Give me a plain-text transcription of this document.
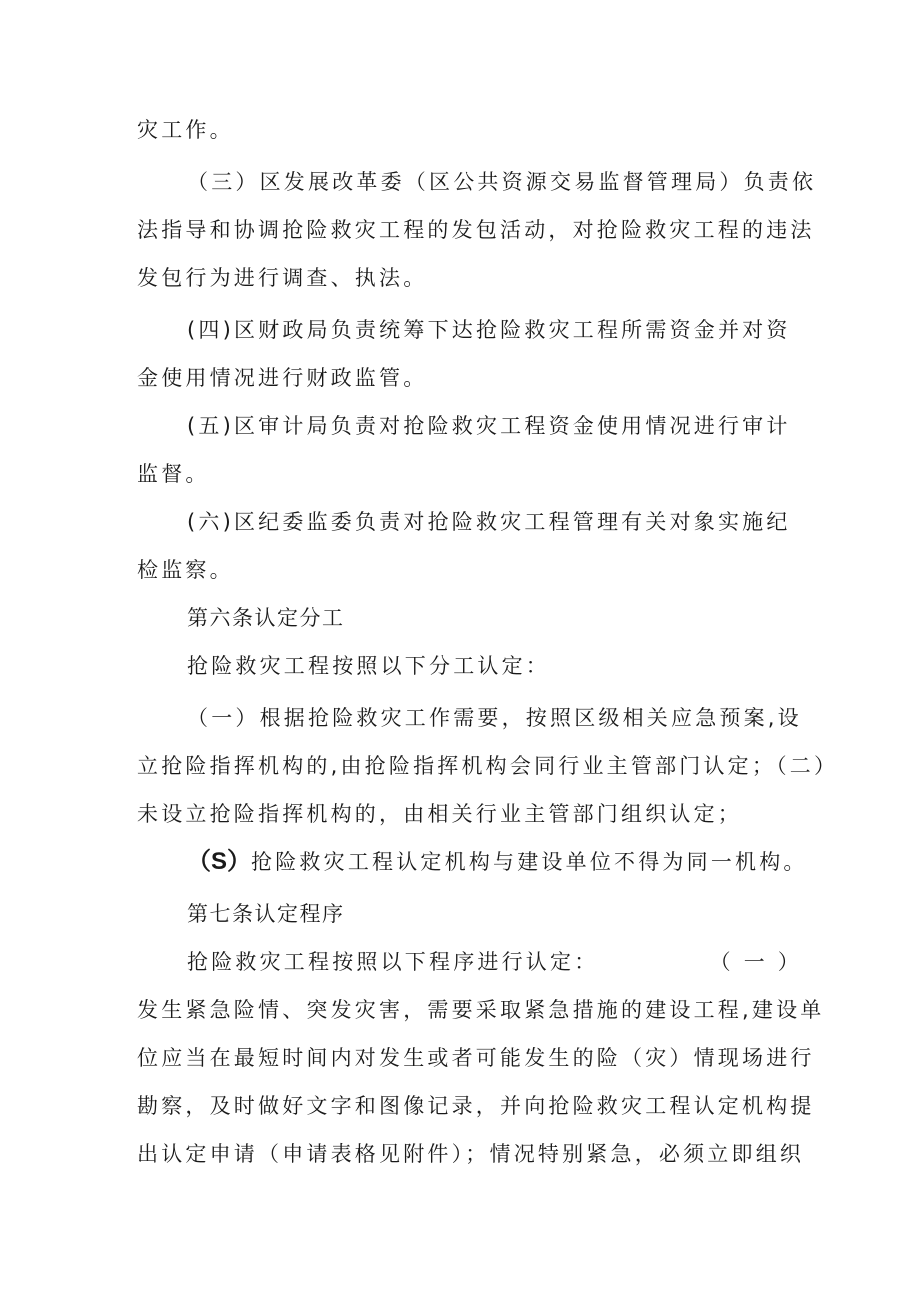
灾工作。
（三）区发展改革委（区公共资源交易监督管理局）负责依
法指导和协调抢险救灾工程的发包活动，对抢险救灾工程的违法
发包行为进行调查、执法。
(四)区财政局负责统筹下达抢险救灾工程所需资金并对资
金使用情况进行财政监管。
(五)区审计局负责对抢险救灾工程资金使用情况进行审计
监督。
(六)区纪委监委负责对抢险救灾工程管理有关对象实施纪
检监察。
第六条认定分工
抢险救灾工程按照以下分工认定：
（一）根据抢险救灾工作需要，按照区级相关应急预案,设
立抢险指挥机构的,由抢险指挥机构会同行业主管部门认定；（二）
未设立抢险指挥机构的，由相关行业主管部门组织认定；
（S）抢险救灾工程认定机构与建设单位不得为同一机构。
第七条认定程序
抢险救灾工程按照以下程序进行认定：	（ 一 ）
发生紧急险情、突发灾害，需要采取紧急措施的建设工程,建设单
位应当在最短时间内对发生或者可能发生的险（灾）情现场进行
勘察，及时做好文字和图像记录，并向抢险救灾工程认定机构提
出认定申请（申请表格见附件）；情况特别紧急，必须立即组织
